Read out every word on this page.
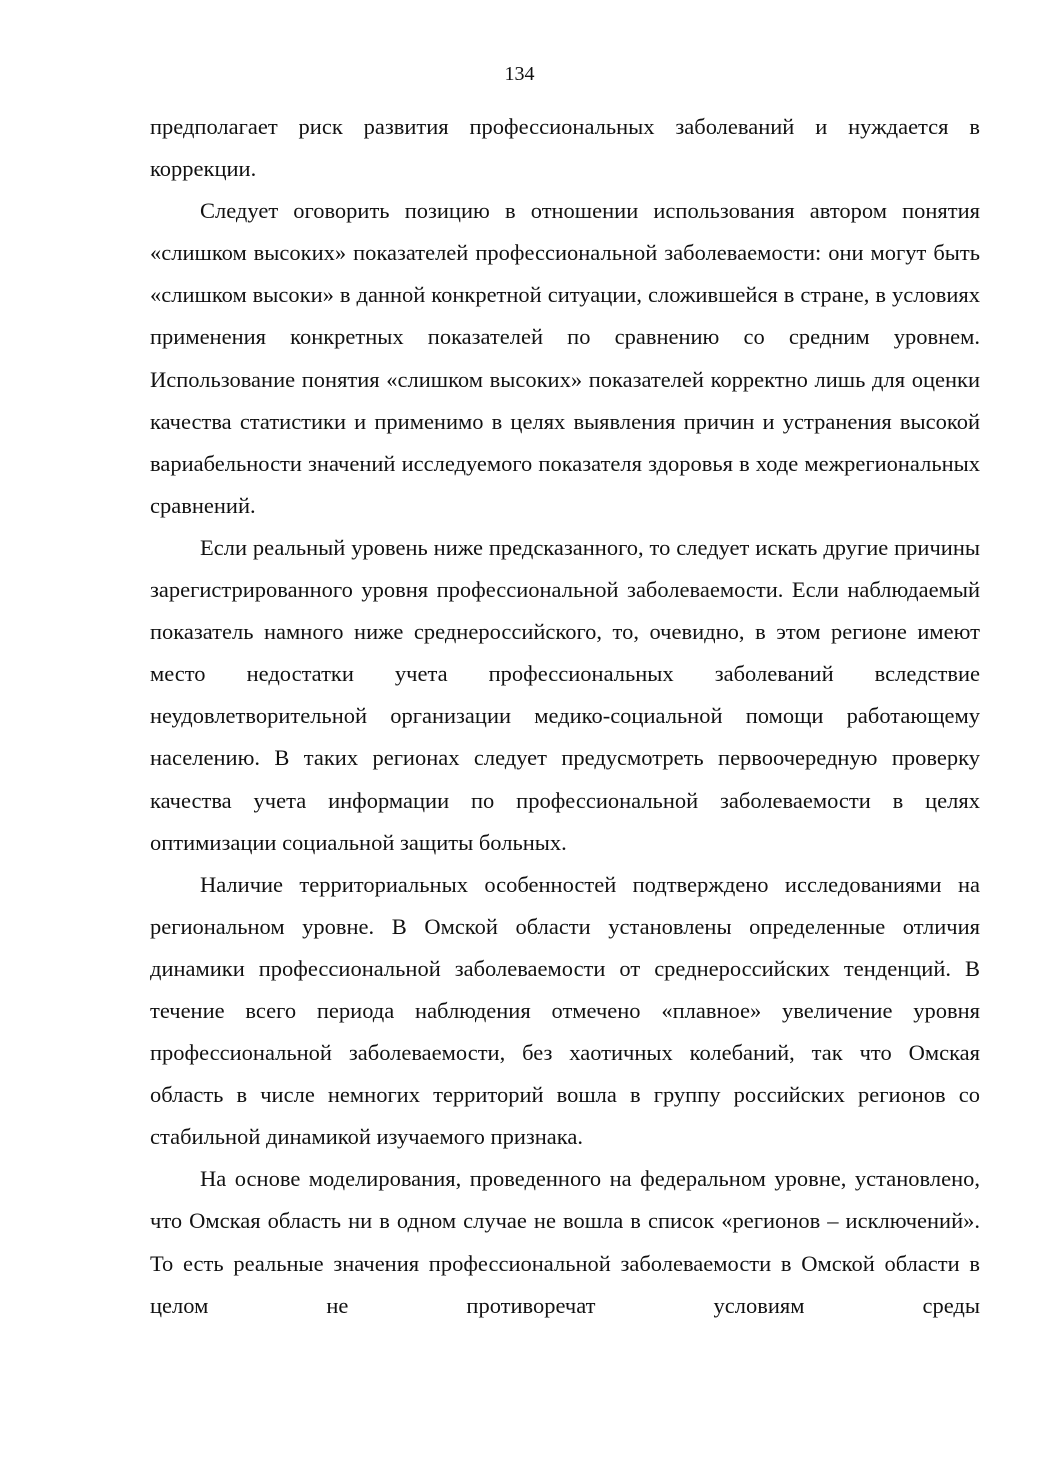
134

предполагает риск развития профессиональных заболеваний и нуждается в коррекции.

Следует оговорить позицию в отношении использования автором понятия «слишком высоких» показателей профессиональной заболеваемости: они могут быть «слишком высоки» в данной конкретной ситуации, сложившейся в стране, в условиях применения конкретных показателей по сравнению со средним уровнем. Использование понятия «слишком высоких» показателей корректно лишь для оценки качества статистики и применимо в целях выявления причин и устранения высокой вариабельности значений исследуемого показателя здоровья в ходе межрегиональных сравнений.

Если реальный уровень ниже предсказанного, то следует искать другие причины зарегистрированного уровня профессиональной заболеваемости. Если наблюдаемый показатель намного ниже среднероссийского, то, очевидно, в этом регионе имеют место недостатки учета профессиональных заболеваний вследствие неудовлетворительной организации медико-социальной помощи работающему населению. В таких регионах следует предусмотреть первоочередную проверку качества учета информации по профессиональной заболеваемости в целях оптимизации социальной защиты больных.

Наличие территориальных особенностей подтверждено исследованиями на региональном уровне. В Омской области установлены определенные отличия динамики профессиональной заболеваемости от среднероссийских тенденций. В течение всего периода наблюдения отмечено «плавное» увеличение уровня профессиональной заболеваемости, без хаотичных колебаний, так что Омская область в числе немногих территорий вошла в группу российских регионов со стабильной динамикой изучаемого признака.

На основе моделирования, проведенного на федеральном уровне, установлено, что Омская область ни в одном случае не вошла в список «регионов – исключений». То есть реальные значения профессиональной заболеваемости в Омской области в целом не противоречат условиям среды
